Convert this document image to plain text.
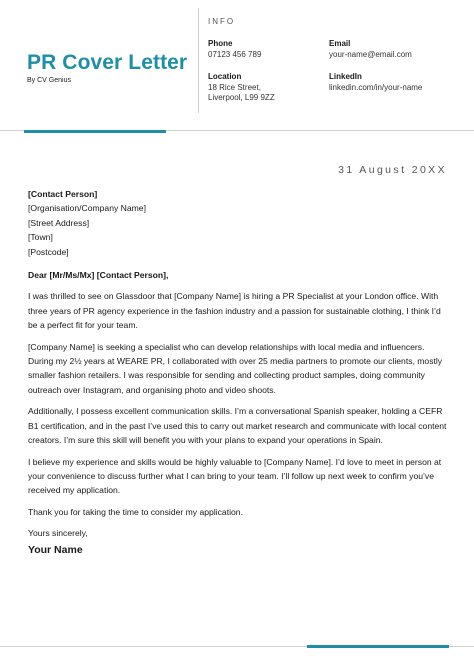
PR Cover Letter
By CV Genius
INFO
Phone
07123 456 789
Email
your-name@email.com
Location
18 Rice Street,
Liverpool, L99 9ZZ
LinkedIn
linkedin.com/in/your-name
31 August 20XX

[Contact Person]

[Organisation/Company Name]

[Street Address]

[Town]

[Postcode]

Dear [Mr/Ms/Mx] [Contact Person],

I was thrilled to see on Glassdoor that [Company Name] is hiring a PR Specialist at your London office. With three years of PR agency experience in the fashion industry and a passion for sustainable clothing, I think I’d be a perfect fit for your team.

[Company Name] is seeking a specialist who can develop relationships with local media and influencers. During my 2½ years at WEARE PR, I collaborated with over 25 media partners to promote our clients, mostly smaller fashion retailers. I was responsible for sending and collecting product samples, doing community outreach over Instagram, and organising photo and video shoots.

Additionally, I possess excellent communication skills. I’m a conversational Spanish speaker, holding a CEFR B1 certification, and in the past I’ve used this to carry out market research and communicate with local content creators. I’m sure this skill will benefit you with your plans to expand your operations in Spain.

I believe my experience and skills would be highly valuable to [Company Name]. I’d love to meet in person at your convenience to discuss further what I can bring to your team. I’ll follow up next week to confirm you’ve received my application.

Thank you for taking the time to consider my application.

Yours sincerely,

Your Name
